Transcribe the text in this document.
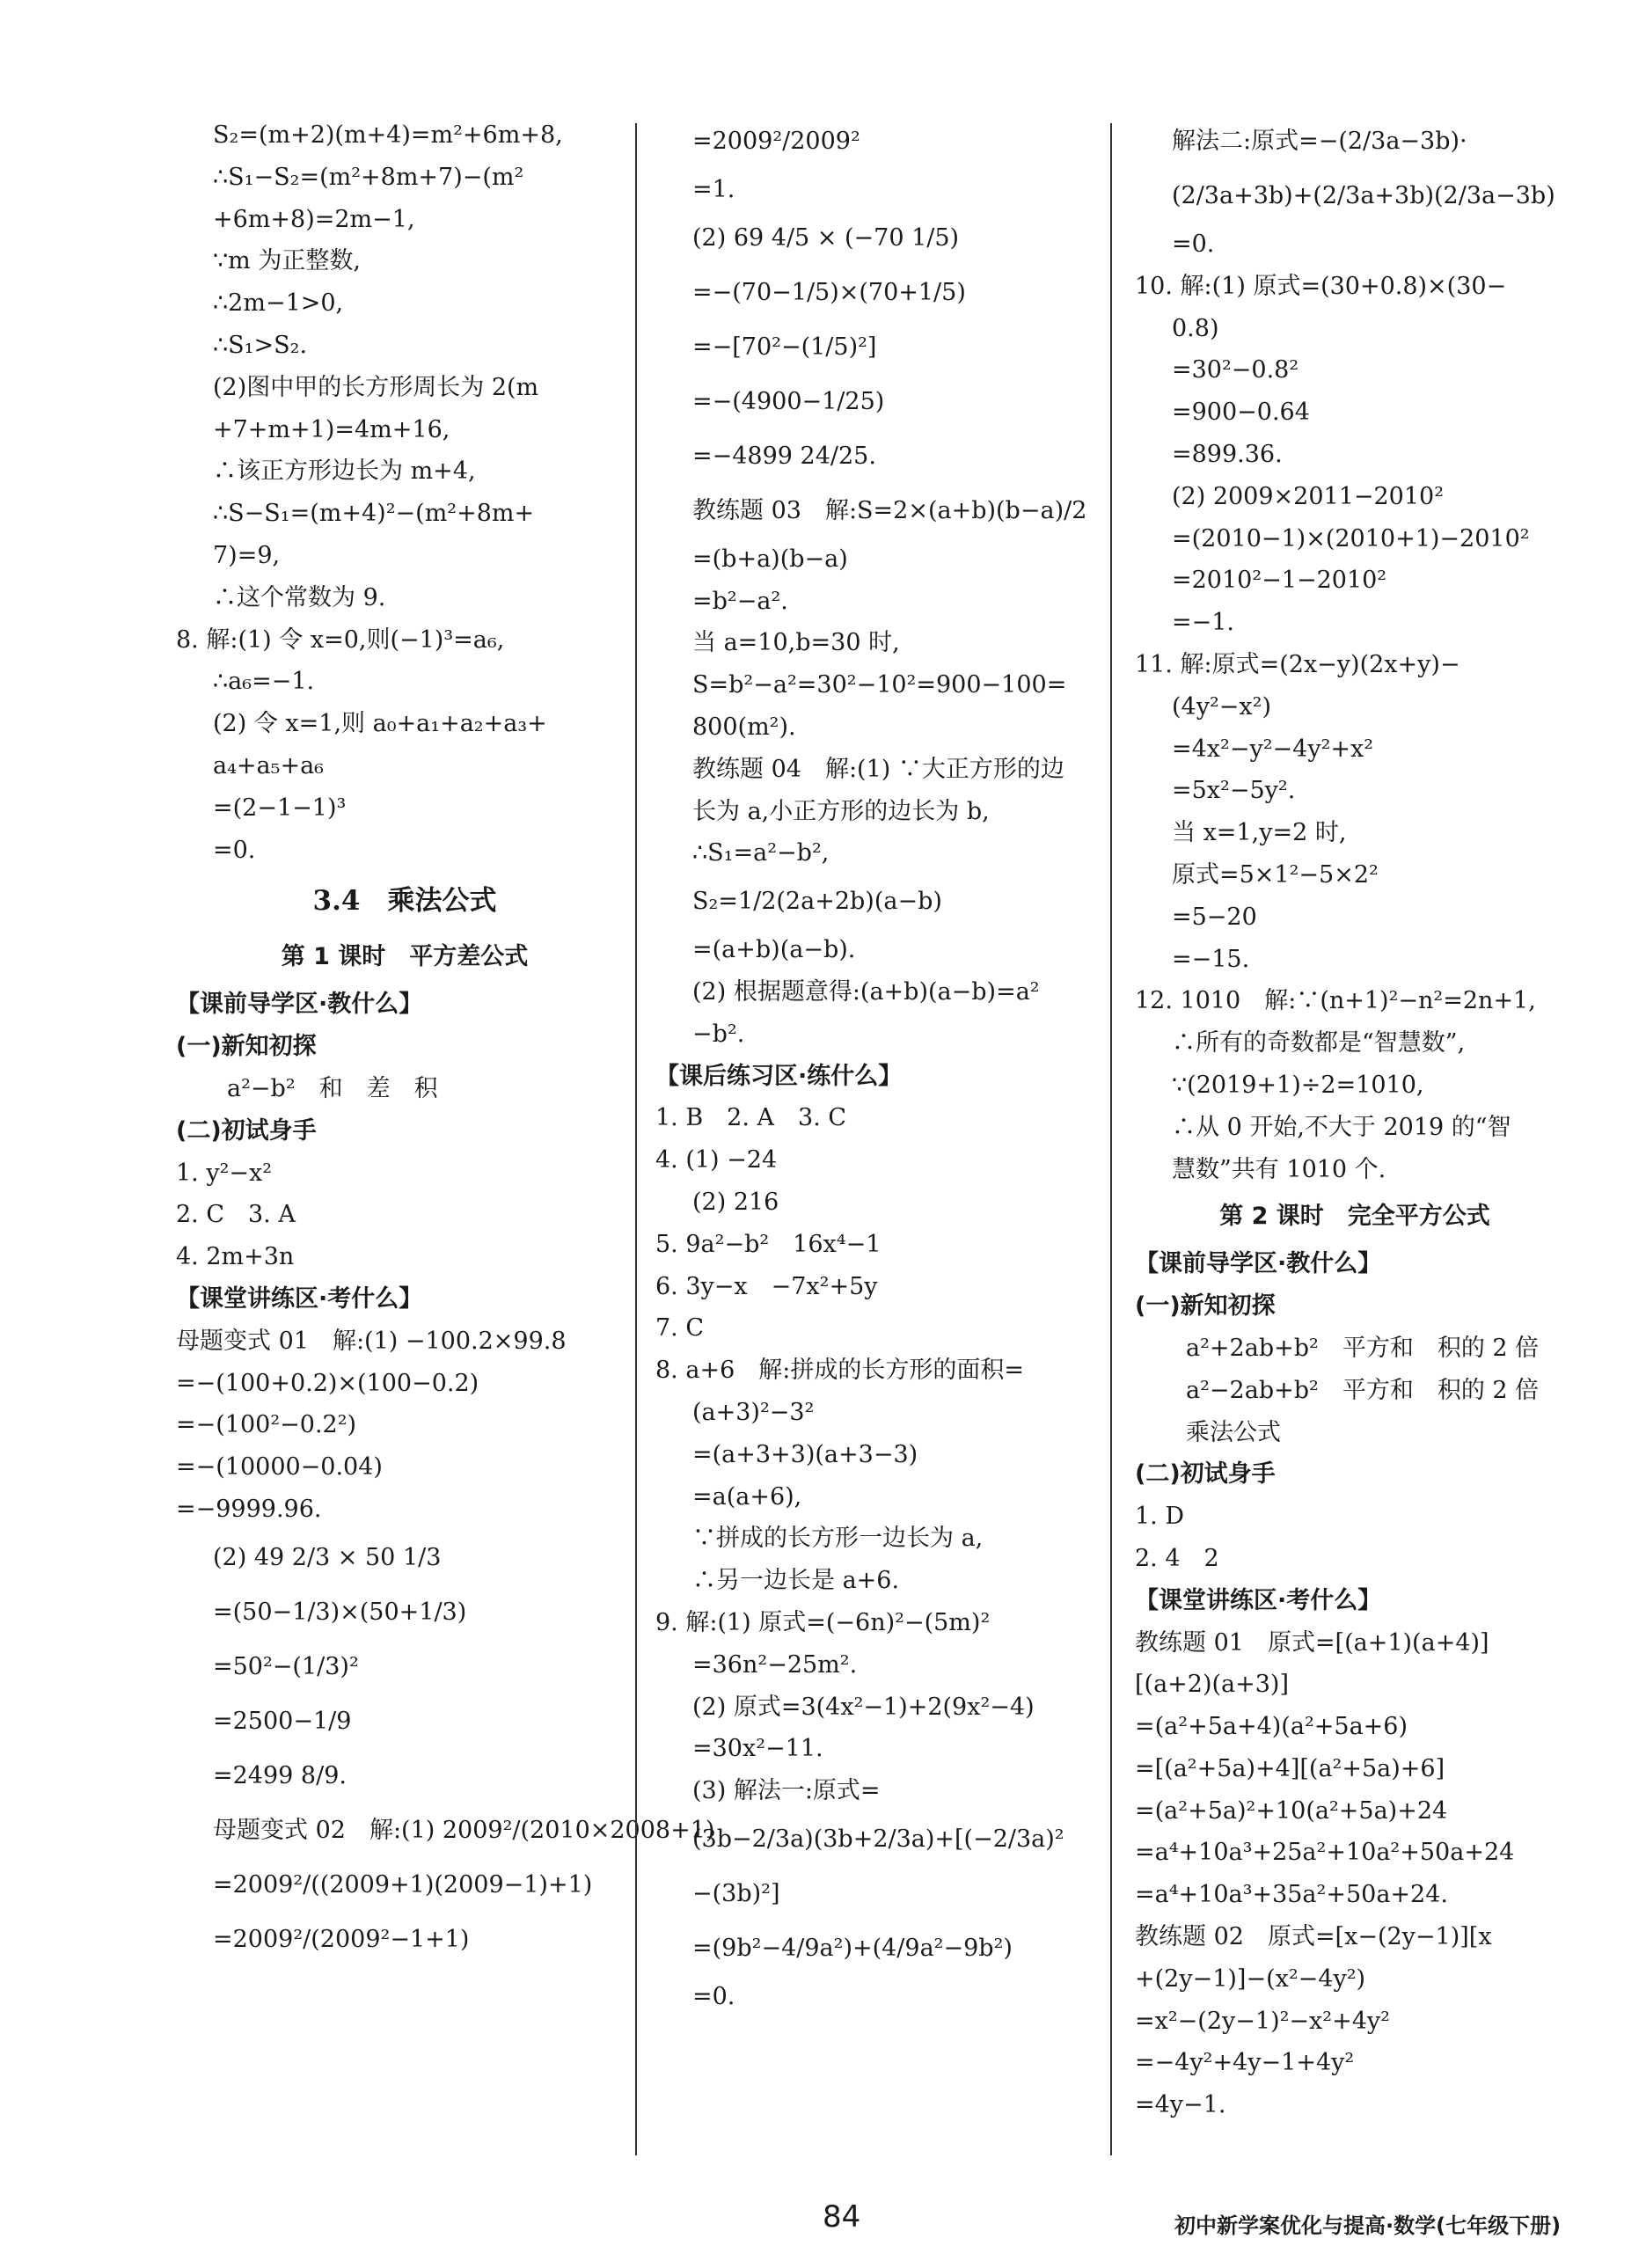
S₂=(m+2)(m+4)=m²+6m+8,
∴S₁−S₂=(m²+8m+7)−(m²
+6m+8)=2m−1,
∵m 为正整数,
∴2m−1>0,
∴S₁>S₂.
(2)图中甲的长方形周长为 2(m
+7+m+1)=4m+16,
∴该正方形边长为 m+4,
∴S−S₁=(m+4)²−(m²+8m+
7)=9,
∴这个常数为 9.
8. 解:(1) 令 x=0,则(−1)³=a₆,
∴a₆=−1.
(2) 令 x=1,则 a₀+a₁+a₂+a₃+
a₄+a₅+a₆
=(2−1−1)³
=0.
3.4　乘法公式
第 1 课时　平方差公式
【课前导学区·教什么】
(一)新知初探
a²−b²　和　差　积
(二)初试身手
1. y²−x²
2. C　3. A
4. 2m+3n
【课堂讲练区·考什么】
母题变式 01　解:(1) −100.2×99.8
=−(100+0.2)×(100−0.2)
=−(100²−0.2²)
=−(10000−0.04)
=−9999.96.
(2) 49 2/3 × 50 1/3
=(50−1/3)×(50+1/3)
=50²−(1/3)²
=2500−1/9
=2499 8/9.
母题变式 02　解:(1) 2009²/(2010×2008+1)
=2009²/((2009+1)(2009−1)+1)
=2009²/(2009²−1+1)
=2009²/2009²
=1.
(2) 69 4/5 × (−70 1/5)
=−(70−1/5)×(70+1/5)
=−[70²−(1/5)²]
=−(4900−1/25)
=−4899 24/25.
教练题 03　解:S=2×(a+b)(b−a)/2
=(b+a)(b−a)
=b²−a².
当 a=10,b=30 时,
S=b²−a²=30²−10²=900−100=
800(m²).
教练题 04　解:(1) ∵大正方形的边
长为 a,小正方形的边长为 b,
∴S₁=a²−b²,
S₂=1/2(2a+2b)(a−b)
=(a+b)(a−b).
(2) 根据题意得:(a+b)(a−b)=a²
−b².
【课后练习区·练什么】
1. B　2. A　3. C
4. (1) −24
(2) 216
5. 9a²−b²　16x⁴−1
6. 3y−x　−7x²+5y
7. C
8. a+6　解:拼成的长方形的面积=
(a+3)²−3²
=(a+3+3)(a+3−3)
=a(a+6),
∵拼成的长方形一边长为 a,
∴另一边长是 a+6.
9. 解:(1) 原式=(−6n)²−(5m)²
=36n²−25m².
(2) 原式=3(4x²−1)+2(9x²−4)
=30x²−11.
(3) 解法一:原式=
(3b−2/3a)(3b+2/3a)+[(−2/3a)²
−(3b)²]
=(9b²−4/9a²)+(4/9a²−9b²)
=0.
解法二:原式=−(2/3a−3b)·
(2/3a+3b)+(2/3a+3b)(2/3a−3b)
=0.
10. 解:(1) 原式=(30+0.8)×(30−
0.8)
=30²−0.8²
=900−0.64
=899.36.
(2) 2009×2011−2010²
=(2010−1)×(2010+1)−2010²
=2010²−1−2010²
=−1.
11. 解:原式=(2x−y)(2x+y)−
(4y²−x²)
=4x²−y²−4y²+x²
=5x²−5y².
当 x=1,y=2 时,
原式=5×1²−5×2²
=5−20
=−15.
12. 1010　解:∵(n+1)²−n²=2n+1,
∴所有的奇数都是“智慧数”,
∵(2019+1)÷2=1010,
∴从 0 开始,不大于 2019 的“智
慧数”共有 1010 个.
第 2 课时　完全平方公式
【课前导学区·教什么】
(一)新知初探
a²+2ab+b²　平方和　积的 2 倍
a²−2ab+b²　平方和　积的 2 倍
乘法公式
(二)初试身手
1. D
2. 4　2
【课堂讲练区·考什么】
教练题 01　原式=[(a+1)(a+4)]
[(a+2)(a+3)]
=(a²+5a+4)(a²+5a+6)
=[(a²+5a)+4][(a²+5a)+6]
=(a²+5a)²+10(a²+5a)+24
=a⁴+10a³+25a²+10a²+50a+24
=a⁴+10a³+35a²+50a+24.
教练题 02　原式=[x−(2y−1)][x
+(2y−1)]−(x²−4y²)
=x²−(2y−1)²−x²+4y²
=−4y²+4y−1+4y²
=4y−1.
84	初中新学案优化与提高·数学(七年级下册)
